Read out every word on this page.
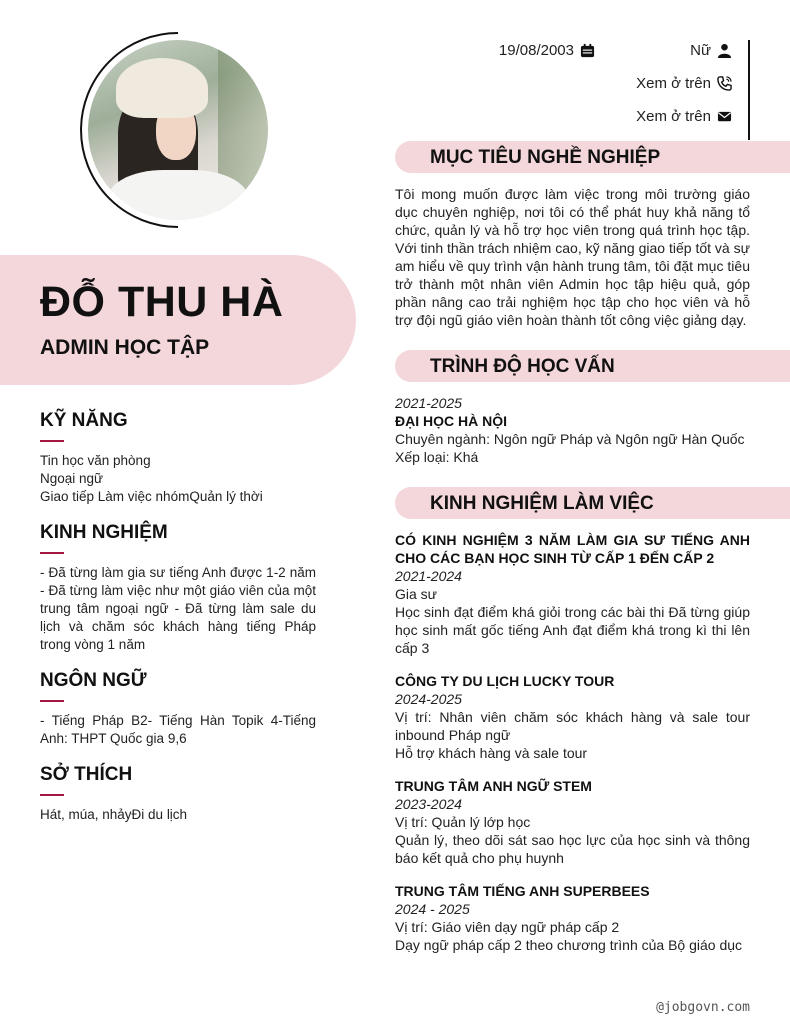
ĐỖ THU HÀ
ADMIN HỌC TẬP
KỸ NĂNG
Tin học văn phòng
Ngoại ngữ
Giao tiếp Làm việc nhómQuản lý thời
KINH NGHIỆM
- Đã từng làm gia sư tiếng Anh được 1-2 năm - Đã từng làm việc như một giáo viên của một trung tâm ngoại ngữ - Đã từng làm sale du lịch và chăm sóc khách hàng tiếng Pháp trong vòng 1 năm
NGÔN NGỮ
- Tiếng Pháp B2- Tiếng Hàn Topik 4-Tiếng Anh: THPT Quốc gia 9,6
SỞ THÍCH
Hát, múa, nhảyĐi du lịch
19/08/2003	Nữ
Xem ở trên
Xem ở trên
MỤC TIÊU NGHỀ NGHIỆP
Tôi mong muốn được làm việc trong môi trường giáo dục chuyên nghiệp, nơi tôi có thể phát huy khả năng tổ chức, quản lý và hỗ trợ học viên trong quá trình học tập. Với tinh thần trách nhiệm cao, kỹ năng giao tiếp tốt và sự am hiểu về quy trình vận hành trung tâm, tôi đặt mục tiêu trở thành một nhân viên Admin học tập hiệu quả, góp phần nâng cao trải nghiệm học tập cho học viên và hỗ trợ đội ngũ giáo viên hoàn thành tốt công việc giảng dạy.
TRÌNH ĐỘ HỌC VẤN
2021-2025
ĐẠI HỌC HÀ NỘI
Chuyên ngành: Ngôn ngữ Pháp và Ngôn ngữ Hàn Quốc
Xếp loại: Khá
KINH NGHIỆM LÀM VIỆC
CÓ KINH NGHIỆM 3 NĂM LÀM GIA SƯ TIẾNG ANH CHO CÁC BẠN HỌC SINH TỪ CẤP 1 ĐẾN CẤP 2
2021-2024
Gia sư
Học sinh đạt điểm khá giỏi trong các bài thi Đã từng giúp học sinh mất gốc tiếng Anh đạt điểm khá trong kì thi lên cấp 3
CÔNG TY DU LỊCH LUCKY TOUR
2024-2025
Vị trí: Nhân viên chăm sóc khách hàng và sale tour inbound Pháp ngữ
Hỗ trợ khách hàng và sale tour
TRUNG TÂM ANH NGỮ STEM
2023-2024
Vị trí: Quản lý lớp học
Quản lý, theo dõi sát sao học lực của học sinh và thông báo kết quả cho phụ huynh
TRUNG TÂM TIẾNG ANH SUPERBEES
2024 - 2025
Vị trí: Giáo viên dạy ngữ pháp cấp 2
Dạy ngữ pháp cấp 2 theo chương trình của Bộ giáo dục
@jobgovn.com
